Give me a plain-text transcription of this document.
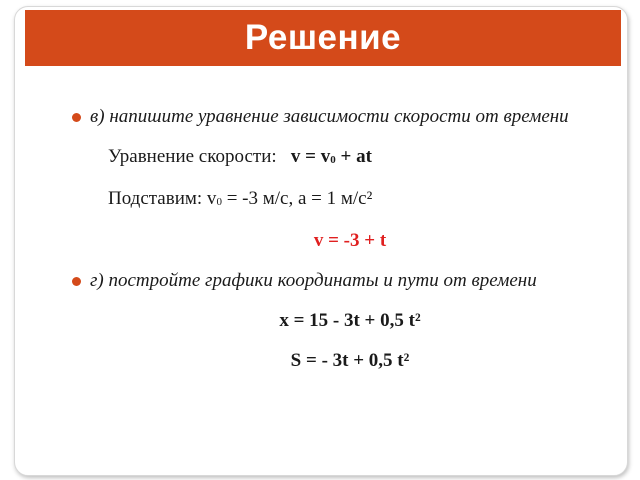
Решение
в) напишите уравнение зависимости скорости от времени
Уравнение скорости: $v = v_0$ + at
Подставим: $v_0 = -3$ м/с, a = 1 м/с²
v = -3 + t
г) постройте графики координаты и пути от времени
x = 15 - 3t + 0,5 t²
S = - 3t + 0,5 t²
